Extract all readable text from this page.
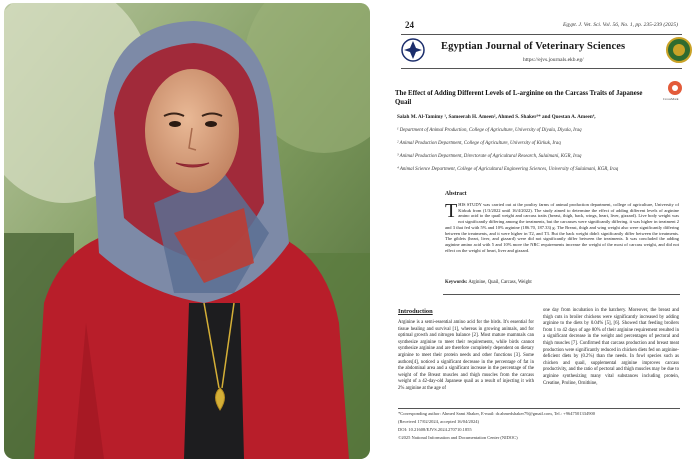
24	Egypt. J. Vet. Sci. Vol. 56, No. 1, pp. 235-239 (2025)

Egyptian Journal of Veterinary Sciences

https://ejvs.journals.ekb.eg/

CrossMark

The Effect of Adding Different Levels of L-arginine on the Carcass Traits of Japanese Quail

Salah M. Al-Tamimy ¹, Sameerah H. Ameen², Ahmed S. Shaker³* and Questan A. Ameen⁴,

¹ Department of Animal Production, College of Agriculture, University of Diyala, Diyala, Iraq

² Animal Production Department, College of Agriculture, University of Kirkuk, Iraq

³ Animal Production Department, Directorate of Agricultural Research, Sulaimani, KGR, Iraq

⁴ Animal Science Department, College of Agricultural Engineering Sciences, University of Sulaimani, KGR, Iraq

Abstract

T HIS STUDY was carried out at the poultry farms of animal production department, college of agriculture, University of Kirkuk from (1/3/2022 until 16/4/2022). The study aimed to determine the effect of adding different levels of arginine amino acid to the quail weight and carcass traits (breast, thigh, back, wings, heart, liver, gizzard). Live body weight was not significantly differing among the treatments, but the carcasses were significantly differing. it was higher in treatment 2 and 3 that fed with 5% and 10% arginine (186.70, 187.33) g. The Breast, thigh and wing weight also were significantly differing between the treatments, and it were higher in T2, and T3. But the back weight didn't significantly differ between the treatments. The giblets (heart, liver, and gizzard) were did not significantly differ between the treatments. It was concluded the adding arginine amino acid with 5 and 10% more the NRC requirements increase the weight of the most of carcass weight, and did not effect on the weight of heart, liver and gizzard.

Keywords: Arginine, Quail, Carcass, Weight

Introduction

Arginine is a semi-essential amino acid for the birds. It's essential for tissue healing and survival [1], whereas in growing animals, and for optimal growth and nitrogen balance [2]. Most mature mammals can synthesize arginine to meet their requirements, while birds cannot synthesize arginine and are therefore completely dependent on dietary arginine to meet their protein needs and other functions [3]. Some authors[4], noticed a significant decrease in the percentage of fat in the abdominal area and a significant increase in the percentage of the weight of the Breast muscles and thigh muscles from the carcass weight of a 42-day-old Japanese quail as a result of injecting it with 2% arginine at the age of

one day from incubation in the hatchery. Moreover, the breast and thigh cuts in broiler chickens were significantly increased by adding arginine to the diets by 0.04% [5], [6]. Showed that feeding broilers from 1 to 42 days of age 80% of their arginine requirement resulted in a significant decrease in the weight and percentages of pectoral and thigh muscles [7]. Confirmed that carcass production and breast meat production were significantly reduced in chicken diets fed on arginine-deficient diets by (0.2%) than the needs. In fowl species such as chicken and quail, supplemental arginine improves carcass productivity, and the ratio of pectoral and thigh muscles may be due to arginine synthesizing many vital substances including protein, Creatine, Proline, Ornithine,

*Corresponding author: Ahmed Sami Shaker, E-mail: dr.ahmedshaker79@gmail.com, Tel.: +9647501334900

(Received 17/02/2024, accepted 16/04/2024)

DOI: 10.21608/EJVS.2024.270710.1855

©2025 National Information and Documentation Center (NIDOC)
